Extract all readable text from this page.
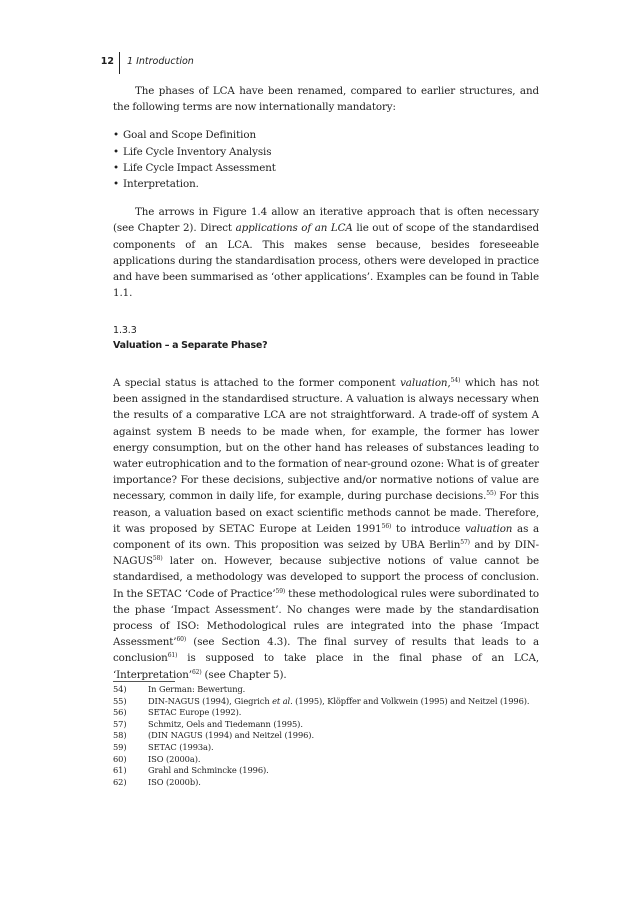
12 1 Introduction

The phases of LCA have been renamed, compared to earlier structures, and the following terms are now internationally mandatory:

• Goal and Scope Definition
• Life Cycle Inventory Analysis
• Life Cycle Impact Assessment
• Interpretation.

The arrows in Figure 1.4 allow an iterative approach that is often necessary (see Chapter 2). Direct applications of an LCA lie out of scope of the standardised components of an LCA. This makes sense because, besides foreseeable applications during the standardisation process, others were developed in practice and have been summarised as ‘other applications’. Examples can be found in Table 1.1.

1.3.3
Valuation – a Separate Phase?

A special status is attached to the former component valuation,$^{54)}$ which has not been assigned in the standardised structure. A valuation is always necessary when the results of a comparative LCA are not straightforward. A trade-off of system A against system B needs to be made when, for example, the former has lower energy consumption, but on the other hand has releases of substances leading to water eutrophication and to the formation of near-ground ozone: What is of greater importance? For these decisions, subjective and/or normative notions of value are necessary, common in daily life, for example, during purchase decisions.$^{55)}$ For this reason, a valuation based on exact scientific methods cannot be made. Therefore, it was proposed by SETAC Europe at Leiden 1991$^{56)}$ to introduce valuation as a component of its own. This proposition was seized by UBA Berlin$^{57)}$ and by DIN-NAGUS$^{58)}$ later on. However, because subjective notions of value cannot be standardised, a methodology was developed to support the process of conclusion. In the SETAC ‘Code of Practice’$^{59)}$ these methodological rules were subordinated to the phase ‘Impact Assessment’. No changes were made by the standardisation process of ISO: Methodological rules are integrated into the phase ‘Impact Assessment’$^{60)}$ (see Section 4.3). The final survey of results that leads to a conclusion$^{61)}$ is supposed to take place in the final phase of an LCA, ‘Interpretation’$^{62)}$ (see Chapter 5).

54)	In German: Bewertung.
55)	DIN-NAGUS (1994), Giegrich et al. (1995), Klöpffer and Volkwein (1995) and Neitzel (1996).
56)	SETAC Europe (1992).
57)	Schmitz, Oels and Tiedemann (1995).
58)	(DIN NAGUS (1994) and Neitzel (1996).
59)	SETAC (1993a).
60)	ISO (2000a).
61)	Grahl and Schmincke (1996).
62)	ISO (2000b).
